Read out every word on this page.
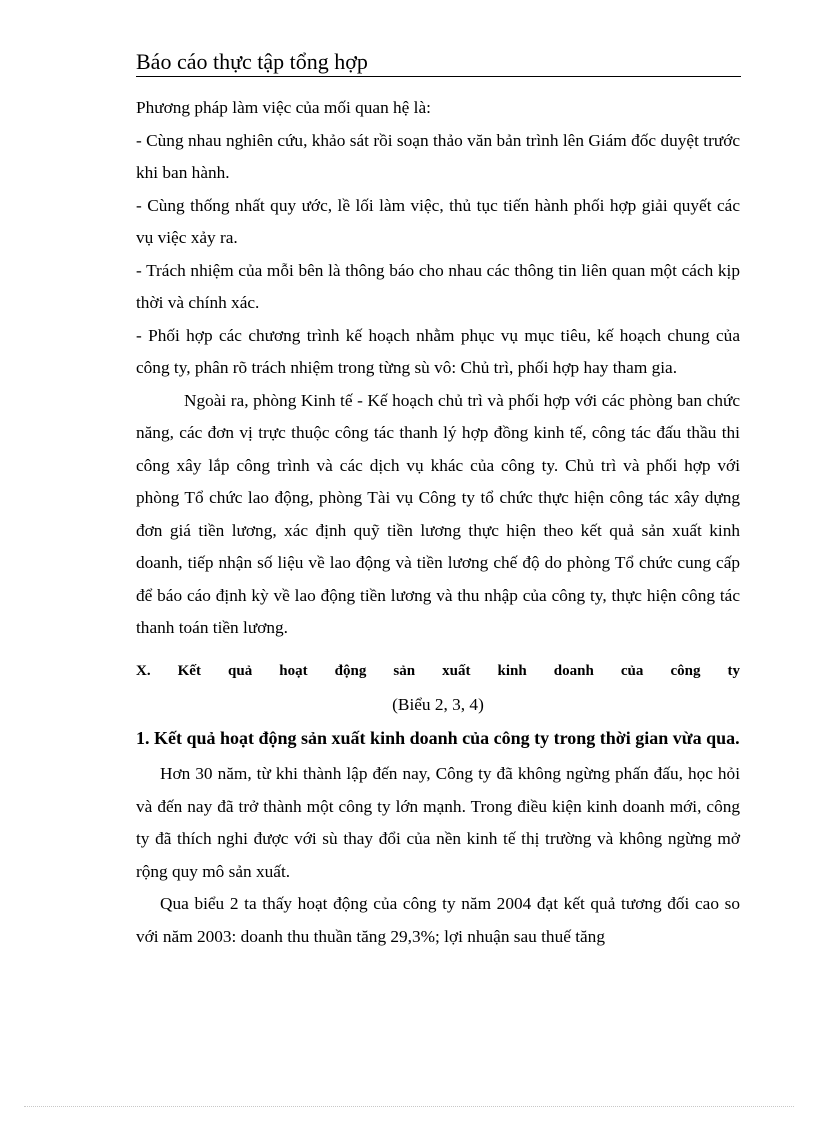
Báo cáo thực tập tổng hợp

Phương pháp làm việc của mối quan hệ là:

- Cùng nhau nghiên cứu, khảo sát rồi soạn thảo văn bản trình lên Giám đốc duyệt trước khi ban hành.

- Cùng thống nhất quy ước, lề lối làm việc, thủ tục tiến hành phối hợp giải quyết các vụ việc xảy ra.

- Trách nhiệm của mỗi bên là thông báo cho nhau các thông tin liên quan một cách kịp thời và chính xác.

- Phối hợp các chương trình kế hoạch nhằm phục vụ mục tiêu, kế hoạch chung của công ty, phân rõ trách nhiệm trong từng sù vô: Chủ trì, phối hợp hay tham gia.

Ngoài ra, phòng Kinh tế - Kế hoạch chủ trì và phối hợp với các phòng ban chức năng, các đơn vị trực thuộc công tác thanh lý hợp đồng kinh tế, công tác đấu thầu thi công xây lắp công trình và các dịch vụ khác của công ty. Chủ trì và phối hợp với phòng Tổ chức lao động, phòng Tài vụ Công ty tổ chức thực hiện công tác xây dựng đơn giá tiền lương, xác định quỹ tiền lương thực hiện theo kết quả sản xuất kinh doanh, tiếp nhận số liệu về lao động và tiền lương chế độ do phòng Tổ chức cung cấp để báo cáo định kỳ về lao động tiền lương và thu nhập của công ty, thực hiện công tác thanh toán tiền lương.

X. Kết quả hoạt động sản xuất kinh doanh của công ty

(Biểu 2, 3, 4)

1. Kết quả hoạt động sản xuất kinh doanh của công ty trong thời gian vừa qua.

Hơn 30 năm, từ khi thành lập đến nay, Công ty đã không ngừng phấn đấu, học hỏi và đến nay đã trở thành một công ty lớn mạnh. Trong điều kiện kinh doanh mới, công ty đã thích nghi được với sù thay đổi của nền kinh tế thị trường và không ngừng mở rộng quy mô sản xuất.

Qua biểu 2 ta thấy hoạt động của công ty năm 2004 đạt kết quả tương đối cao so với năm 2003: doanh thu thuần tăng 29,3%; lợi nhuận sau thuế tăng
